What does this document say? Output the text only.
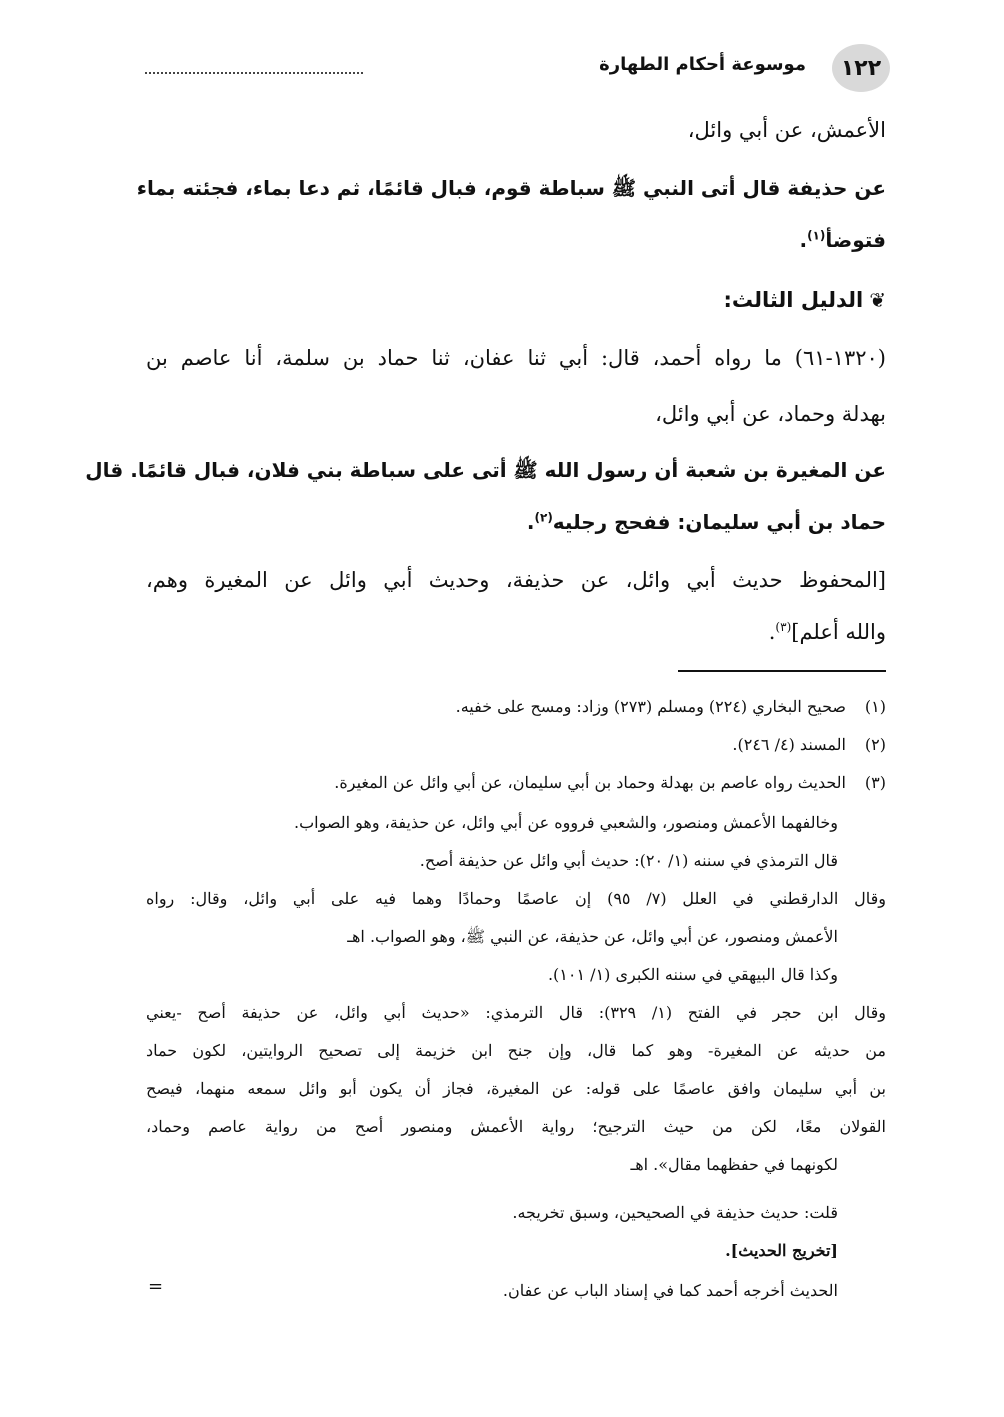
١٢٢
موسوعة أحكام الطهارة
الأعمش، عن أبي وائل،
عن حذيفة قال أتى النبي ﷺ سباطة قوم، فبال قائمًا، ثم دعا بماء، فجئته بماء
فتوضأ$^{(١)}$.
❦الدليل الثالث:
(١٣٢٠-٦١) ما رواه أحمد، قال: أبي ثنا عفان، ثنا حماد بن سلمة، أنا عاصم بن
بهدلة وحماد، عن أبي وائل،
عن المغيرة بن شعبة أن رسول الله ﷺ أتى على سباطة بني فلان، فبال قائمًا. قال
حماد بن أبي سليمان: ففحج رجليه$^{(٢)}$.
[المحفوظ حديث أبي وائل، عن حذيفة، وحديث أبي وائل عن المغيرة وهم،
والله أعلم]$^{(٣)}$.
(١)صحيح البخاري (٢٢٤) ومسلم (٢٧٣) وزاد: ومسح على خفيه.
(٢)المسند (٤/ ٢٤٦).
(٣)الحديث رواه عاصم بن بهدلة وحماد بن أبي سليمان، عن أبي وائل عن المغيرة.
وخالفهما الأعمش ومنصور، والشعبي فرووه عن أبي وائل، عن حذيفة، وهو الصواب.
قال الترمذي في سننه (١/ ٢٠): حديث أبي وائل عن حذيفة أصح.
وقال الدارقطني في العلل (٧/ ٩٥) إن عاصمًا وحمادًا وهما فيه على أبي وائل، وقال: رواه
الأعمش ومنصور، عن أبي وائل، عن حذيفة، عن النبي ﷺ، وهو الصواب. اهـ
وكذا قال البيهقي في سننه الكبرى (١/ ١٠١).
وقال ابن حجر في الفتح (١/ ٣٢٩): قال الترمذي: «حديث أبي وائل، عن حذيفة أصح -يعني
من حديثه عن المغيرة- وهو كما قال، وإن جنح ابن خزيمة إلى تصحيح الروايتين، لكون حماد
بن أبي سليمان وافق عاصمًا على قوله: عن المغيرة، فجاز أن يكون أبو وائل سمعه منهما، فيصح
القولان معًا، لكن من حيث الترجيح؛ رواية الأعمش ومنصور أصح من رواية عاصم وحماد،
لكونهما في حفظهما مقال». اهـ
قلت: حديث حذيفة في الصحيحين، وسبق تخريجه.
[تخريج الحديث].
الحديث أخرجه أحمد كما في إسناد الباب عن عفان.
=
